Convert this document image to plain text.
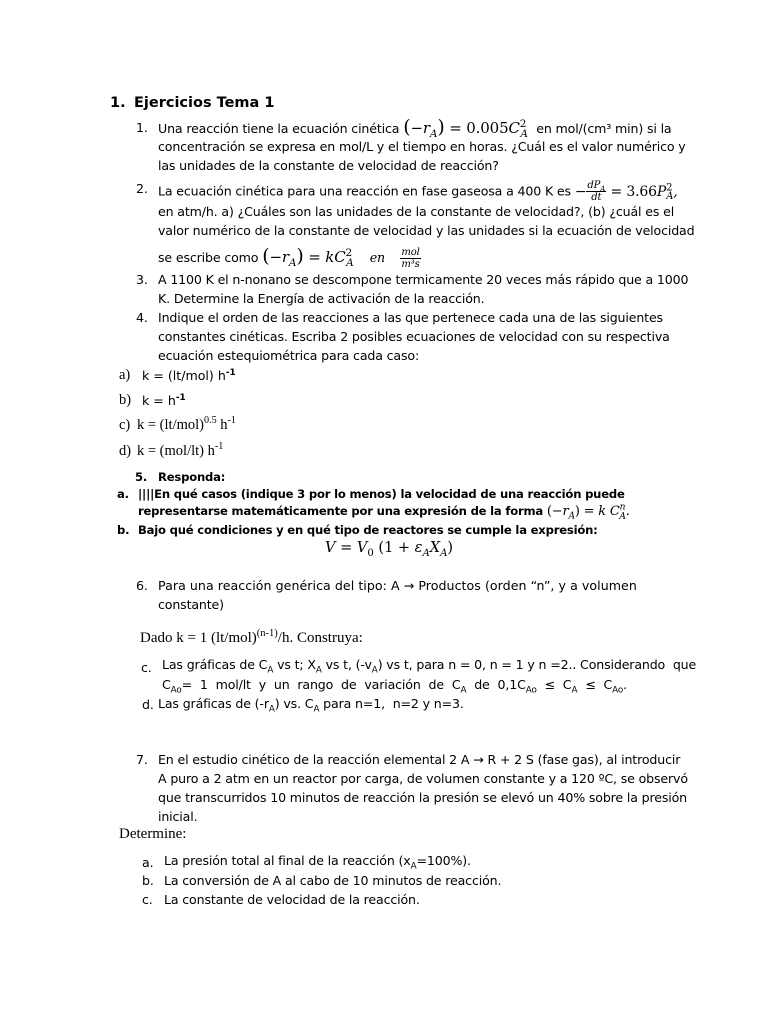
1. Ejercicios Tema 1
1. Una reacción tiene la ecuación cinética $(-r_A) = 0.005C^2_A$ en mol/(cm³ min) si la
concentración se expresa en mol/L y el tiempo en horas. ¿Cuál es el valor numérico y
las unidades de la constante de velocidad de reacción?
2. La ecuación cinética para una reacción en fase gaseosa a 400 K es − $\frac{dP_A}{dt} = 3.66P^2_A$,
en atm/h. a) ¿Cuáles son las unidades de la constante de velocidad?, (b) ¿cuál es el
valor numérico de la constante de velocidad y las unidades si la ecuación de velocidad
se escribe como $(-r_A) = kC^2_A$ en $\frac{\text{mol}}{\text{m³s}}$
3. A 1100 K el n-nonano se descompone termicamente 20 veces más rápido que a 1000
K. Determine la Energía de activación de la reacción.
4. Indique el orden de las reacciones a las que pertenece cada una de las siguientes
constantes cinéticas. Escriba 2 posibles ecuaciones de velocidad con su respectiva
ecuación estequiométrica para cada caso:
a) k = (lt/mol) $h^{-1}$
b) $k = h^{-1}$
c) $k = (lt/mol)^{0.5}$ $h^{-1}$
d) k = (mol/lt) $h^{-1}$
5. Responda:
a. ||||En qué casos (indique 3 por lo menos) la velocidad de una reacción puede
representarse matemáticamente por una expresión de la forma $(-r_A) = k$ $C^n_A$.
b. Bajo qué condiciones y en qué tipo de reactores se cumple la expresión:
$V = V_0$ $(1 + \varepsilon_AX_A)$
6. Para una reacción genérica del tipo: A → Productos (orden “n”, y a volumen
constante)
Dado k = 1 $(lt/mol)^{(n-1)}/h$. Construya:
c. Las gráficas de $C_A$ vs t; $X_A$ vs t, $(-v_A)$ vs t, para n = 0, n = 1 y n =2.. Considerando  que
$C_{Ao}= 1$ mol/lt y un rango de variación de $C_A$ de $0,1C_{Ao} \le C_A \le C_{Ao}$.
d. Las gráficas de $(-r_A)$ vs. $C_A$ para n=1,  n=2 y n=3.
7. En el estudio cinético de la reacción elemental 2 A → R + 2 S (fase gas), al introducir
A puro a 2 atm en un reactor por carga, de volumen constante y a 120 ºC, se observó
que transcurridos 10 minutos de reacción la presión se elevó un 40% sobre la presión
inicial.
Determine:
a. La presión total al final de la reacción $(x_A=100\%)$.
b. La conversión de A al cabo de 10 minutos de reacción.
c. La constante de velocidad de la reacción.
